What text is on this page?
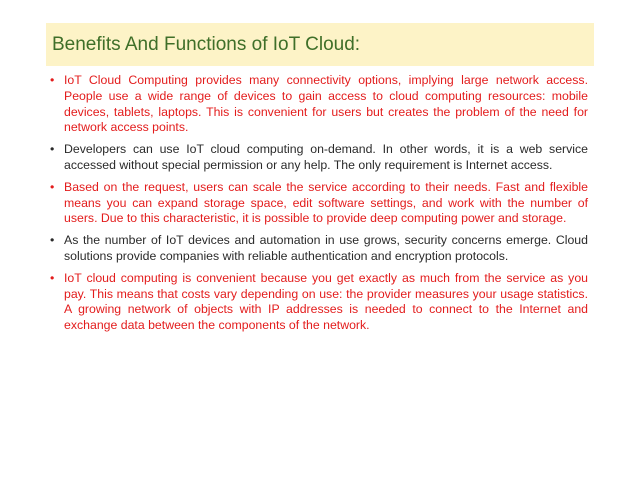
Benefits And Functions of IoT Cloud:
• IoT Cloud Computing provides many connectivity options, implying large network access. People use a wide range of devices to gain access to cloud computing resources: mobile devices, tablets, laptops. This is convenient for users but creates the problem of the need for network access points.
• Developers can use IoT cloud computing on-demand. In other words, it is a web service accessed without special permission or any help. The only requirement is Internet access.
• Based on the request, users can scale the service according to their needs. Fast and flexible means you can expand storage space, edit software settings, and work with the number of users. Due to this characteristic, it is possible to provide deep computing power and storage.
• As the number of IoT devices and automation in use grows, security concerns emerge. Cloud solutions provide companies with reliable authentication and encryption protocols.
• IoT cloud computing is convenient because you get exactly as much from the service as you pay. This means that costs vary depending on use: the provider measures your usage statistics. A growing network of objects with IP addresses is needed to connect to the Internet and exchange data between the components of the network.
